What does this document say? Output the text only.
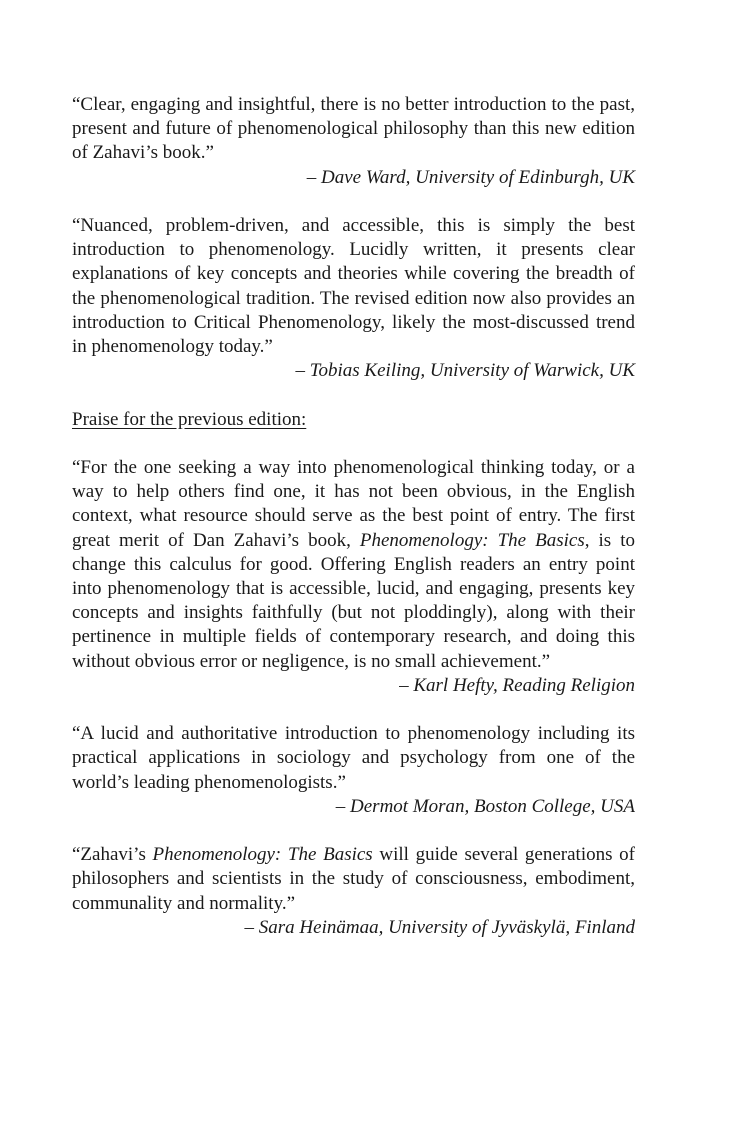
“Clear, engaging and insightful, there is no better introduction to the past, present and future of phenomenological philosophy than this new edition of Zahavi’s book.”

– Dave Ward, University of Edinburgh, UK

“Nuanced, problem-driven, and accessible, this is simply the best introduction to phenomenology. Lucidly written, it presents clear explanations of key concepts and theories while covering the breadth of the phenomenological tradition. The revised edition now also provides an introduction to Critical Phenomenology, likely the most-discussed trend in phenomenology today.”

– Tobias Keiling, University of Warwick, UK

Praise for the previous edition:

“For the one seeking a way into phenomenological thinking today, or a way to help others find one, it has not been obvious, in the English context, what resource should serve as the best point of entry. The first great merit of Dan Zahavi’s book, Phenomenology: The Basics, is to change this calculus for good. Offering English readers an entry point into phenomenology that is accessible, lucid, and engaging, presents key concepts and insights faithfully (but not ploddingly), along with their pertinence in multiple fields of contemporary research, and doing this without obvious error or negligence, is no small achievement.”

– Karl Hefty, Reading Religion

“A lucid and authoritative introduction to phenomenology including its practical applications in sociology and psychology from one of the world’s leading phenomenologists.”

– Dermot Moran, Boston College, USA

“Zahavi’s Phenomenology: The Basics will guide several generations of philosophers and scientists in the study of consciousness, embodiment, communality and normality.”

– Sara Heinämaa, University of Jyväskylä, Finland
